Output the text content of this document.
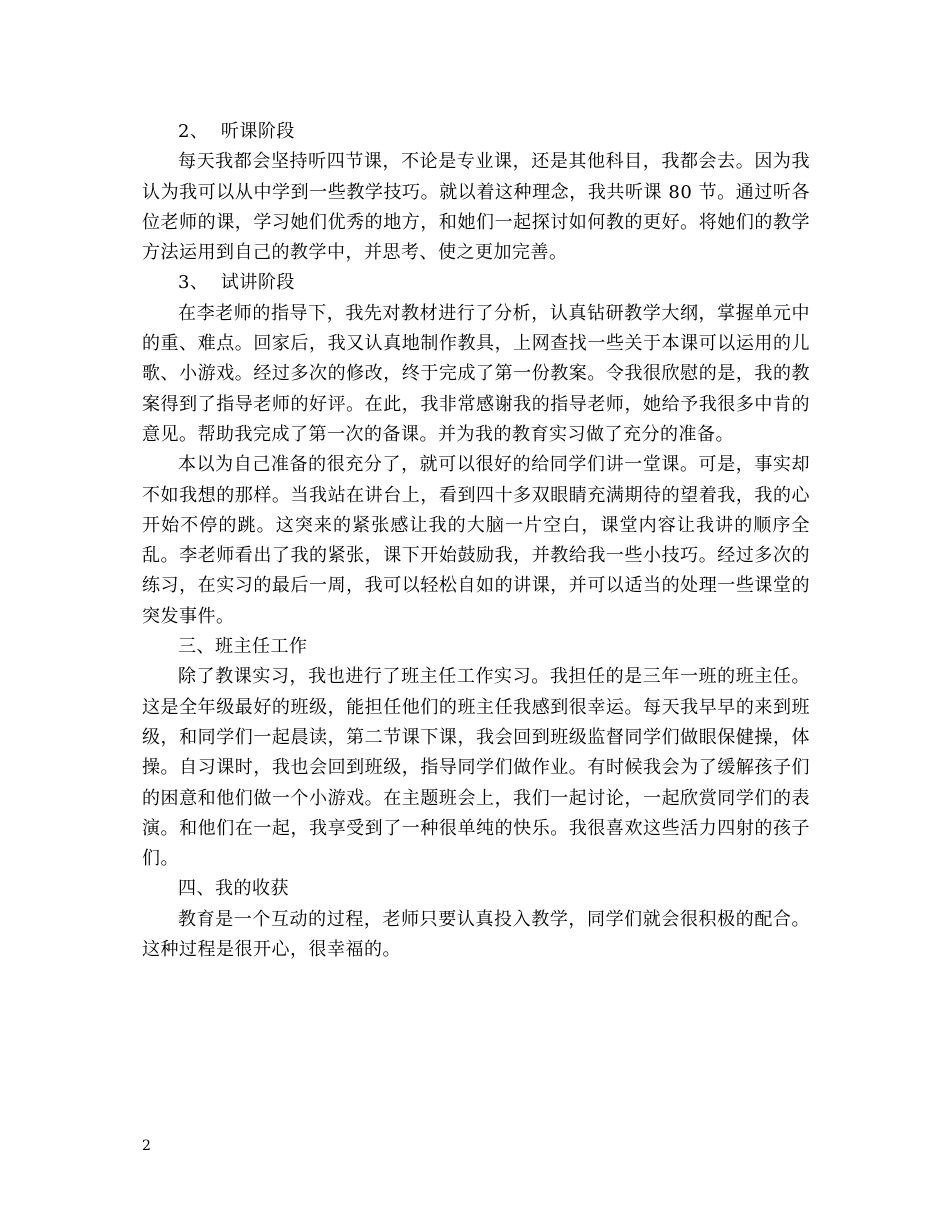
2、  听课阶段

每天我都会坚持听四节课，不论是专业课，还是其他科目，我都会去。因为我认为我可以从中学到一些教学技巧。就以着这种理念，我共听课 80 节。通过听各位老师的课，学习她们优秀的地方，和她们一起探讨如何教的更好。将她们的教学方法运用到自己的教学中，并思考、使之更加完善。

3、  试讲阶段

在李老师的指导下，我先对教材进行了分析，认真钻研教学大纲，掌握单元中的重、难点。回家后，我又认真地制作教具，上网查找一些关于本课可以运用的儿歌、小游戏。经过多次的修改，终于完成了第一份教案。令我很欣慰的是，我的教案得到了指导老师的好评。在此，我非常感谢我的指导老师，她给予我很多中肯的意见。帮助我完成了第一次的备课。并为我的教育实习做了充分的准备。

本以为自己准备的很充分了，就可以很好的给同学们讲一堂课。可是，事实却不如我想的那样。当我站在讲台上，看到四十多双眼睛充满期待的望着我，我的心开始不停的跳。这突来的紧张感让我的大脑一片空白，课堂内容让我讲的顺序全乱。李老师看出了我的紧张，课下开始鼓励我，并教给我一些小技巧。经过多次的练习，在实习的最后一周，我可以轻松自如的讲课，并可以适当的处理一些课堂的突发事件。

三、班主任工作

除了教课实习，我也进行了班主任工作实习。我担任的是三年一班的班主任。这是全年级最好的班级，能担任他们的班主任我感到很幸运。每天我早早的来到班级，和同学们一起晨读，第二节课下课，我会回到班级监督同学们做眼保健操，体操。自习课时，我也会回到班级，指导同学们做作业。有时候我会为了缓解孩子们的困意和他们做一个小游戏。在主题班会上，我们一起讨论，一起欣赏同学们的表演。和他们在一起，我享受到了一种很单纯的快乐。我很喜欢这些活力四射的孩子们。

四、我的收获

教育是一个互动的过程，老师只要认真投入教学，同学们就会很积极的配合。这种过程是很开心，很幸福的。

2
